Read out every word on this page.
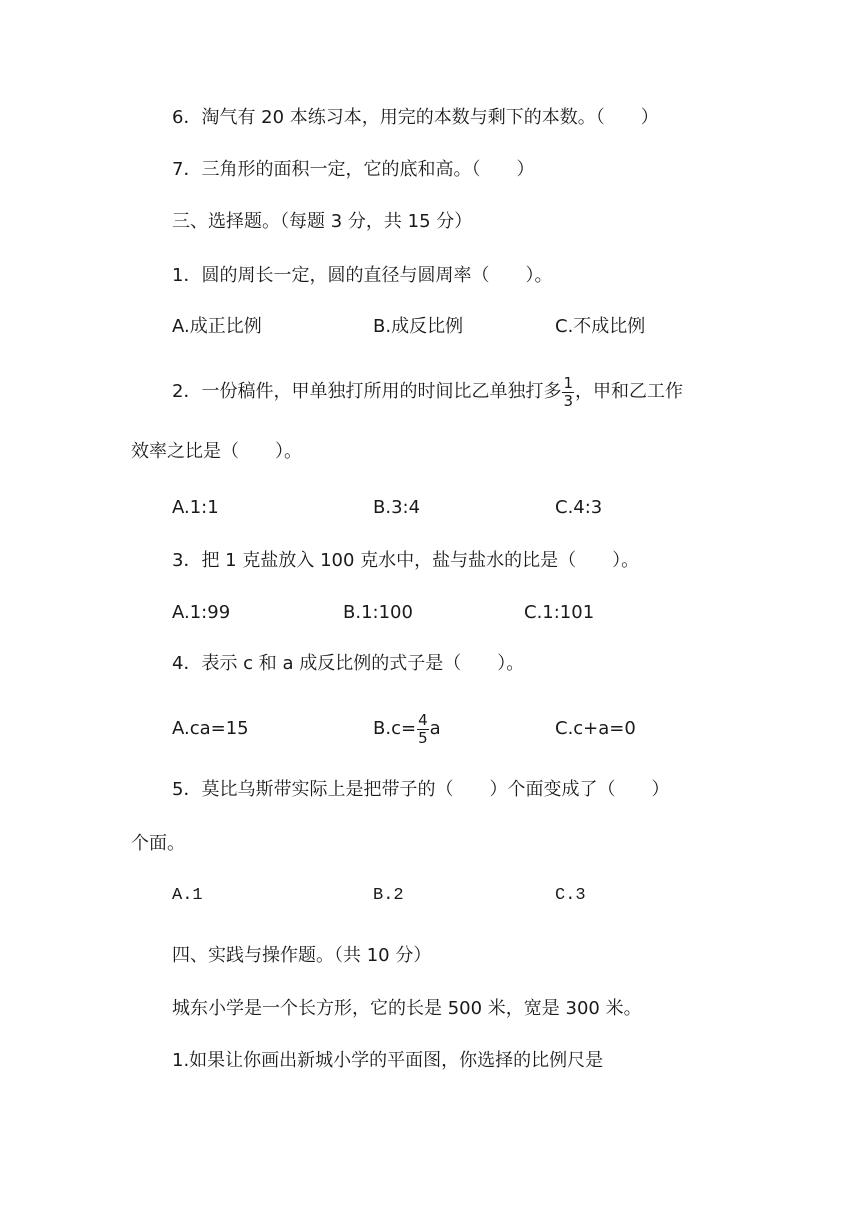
6．淘气有 20 本练习本，用完的本数与剩下的本数。（　　）
7．三角形的面积一定，它的底和高。（　　）
三、选择题。（每题 3 分，共 15 分）
1．圆的周长一定，圆的直径与圆周率（　　）。
A.成正比例	B.成反比例	C.不成比例
2．一份稿件，甲单独打所用的时间比乙单独打多 $\frac{1}{3}$ ，甲和乙工作
效率之比是（　　）。
A.1:1	B.3:4	C.4:3
3．把 1 克盐放入 100 克水中，盐与盐水的比是（　　）。
A.1:99	B.1:100	C.1:101
4．表示 c 和 a 成反比例的式子是（　　）。
A.ca=15	$B.c= \frac{4}{5}$ a	C.c+a=0
5．莫比乌斯带实际上是把带子的（　　）个面变成了（　　）
个面。
A.1	B.2	C.3
四、实践与操作题。（共 10 分）
城东小学是一个长方形，它的长是 500 米，宽是 300 米。
1.如果让你画出新城小学的平面图，你选择的比例尺是
